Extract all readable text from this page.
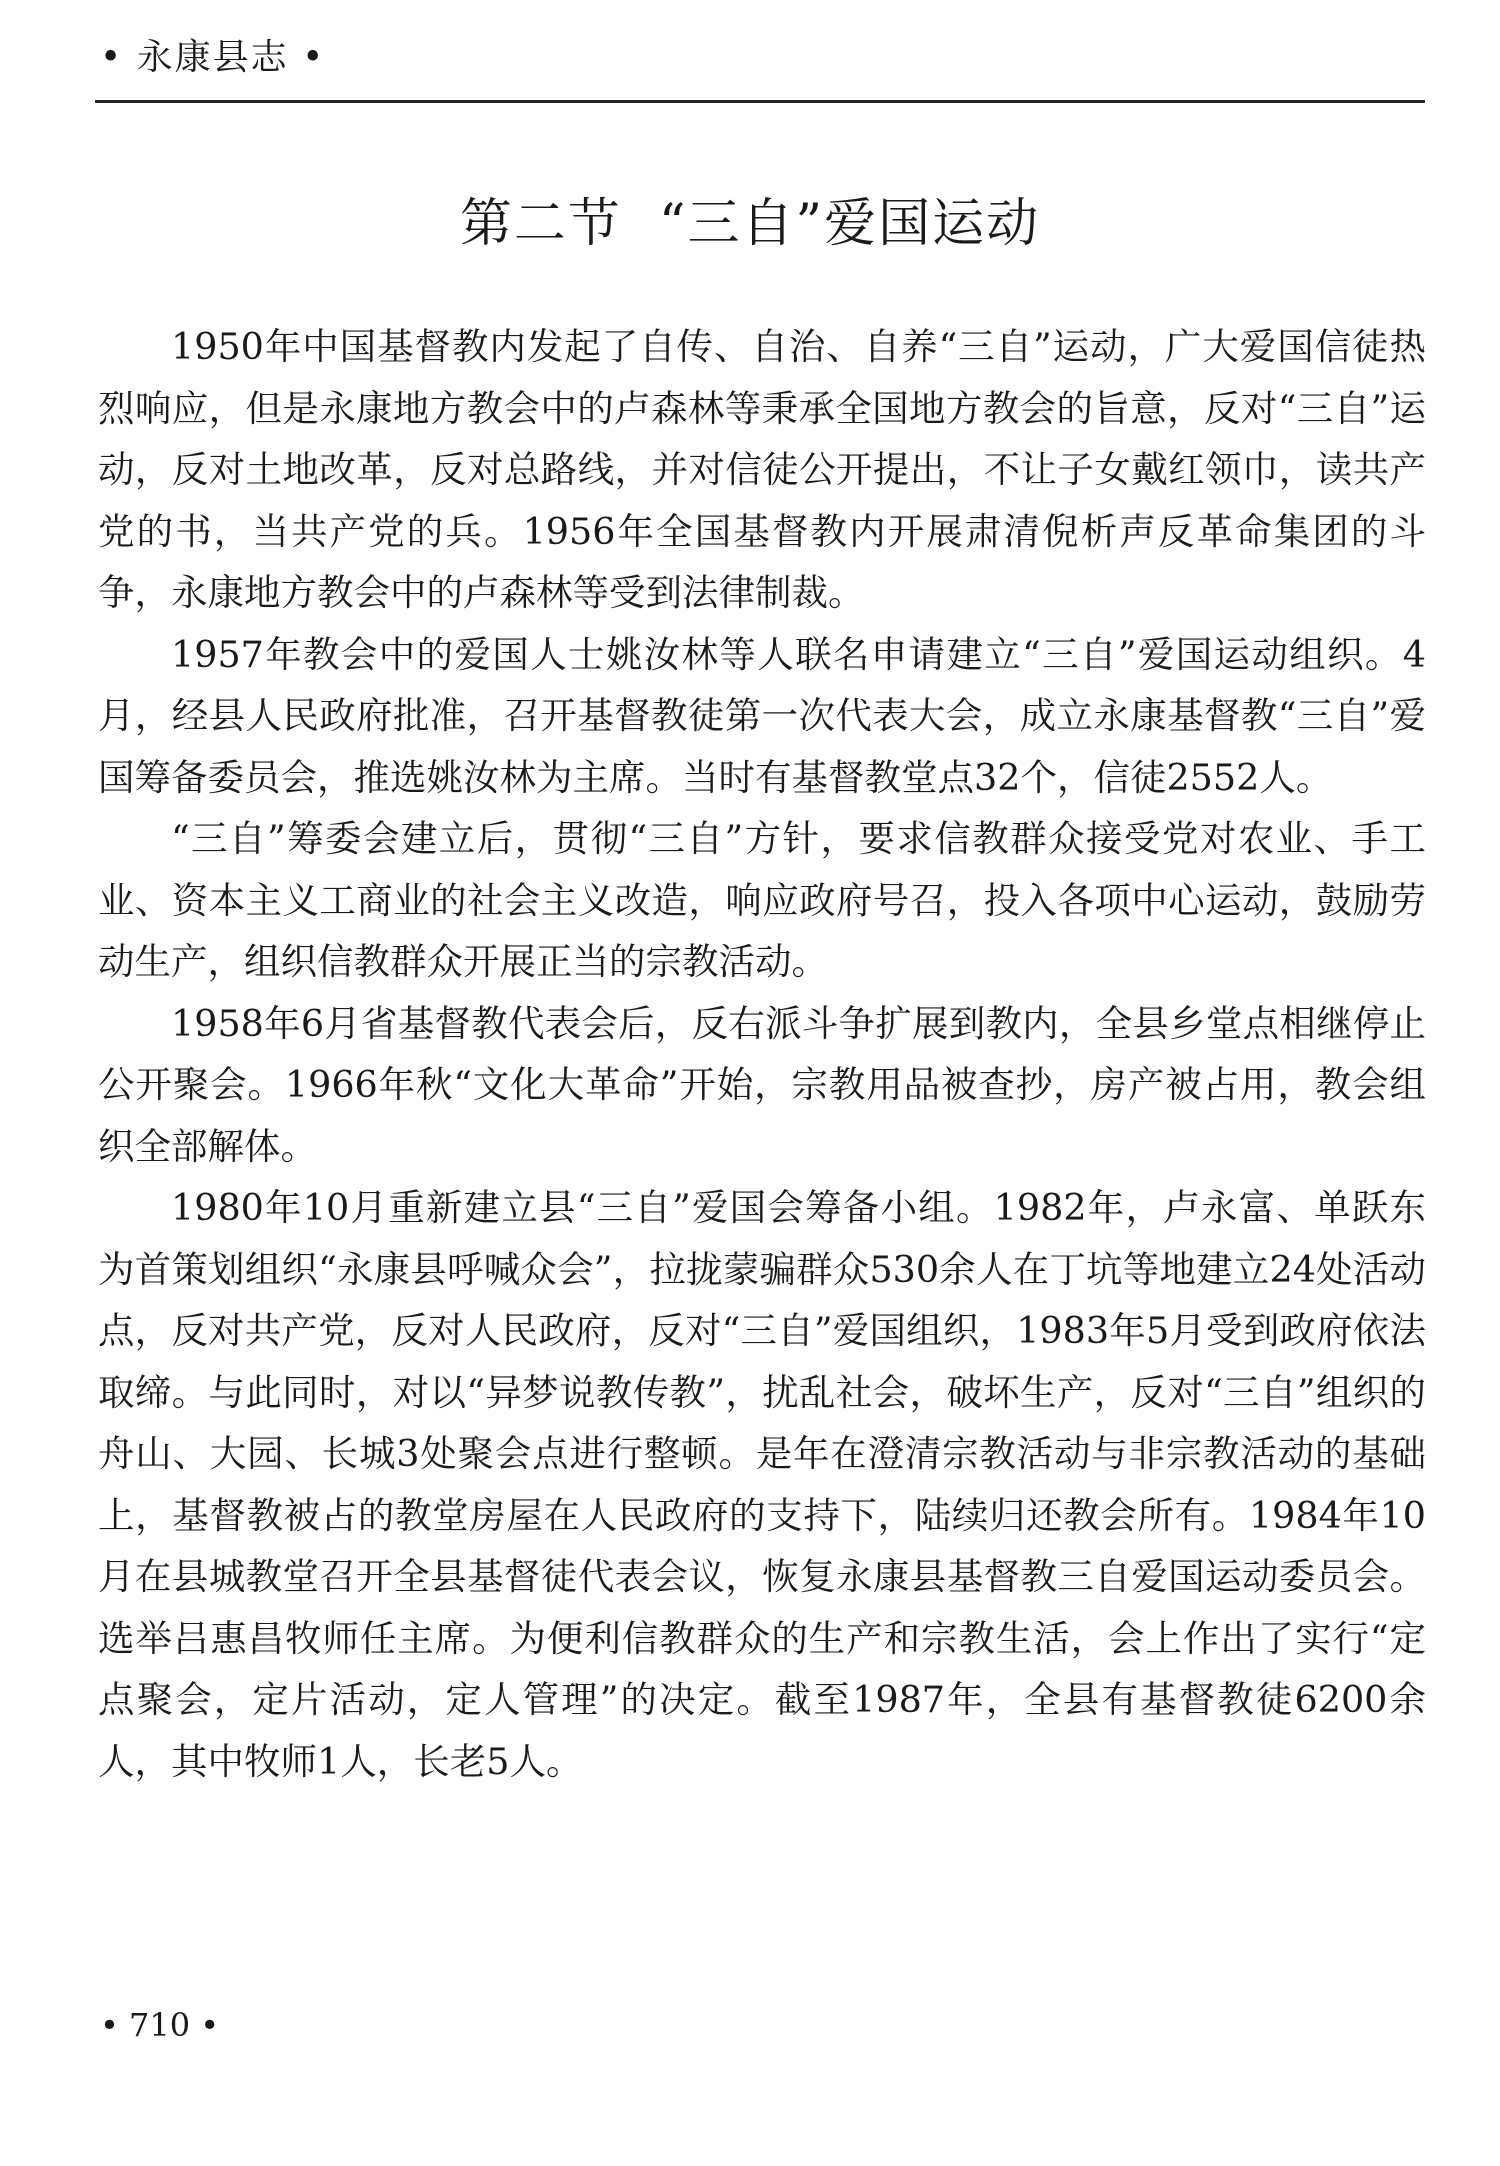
• 永康县志 •
第二节  “三自”爱国运动

1950年中国基督教内发起了自传、自治、自养“三自”运动，广大爱国信徒热烈响应，但是永康地方教会中的卢森林等秉承全国地方教会的旨意，反对“三自”运动，反对土地改革，反对总路线，并对信徒公开提出，不让子女戴红领巾，读共产党的书，当共产党的兵。1956年全国基督教内开展肃清倪析声反革命集团的斗争，永康地方教会中的卢森林等受到法律制裁。

1957年教会中的爱国人士姚汝林等人联名申请建立“三自”爱国运动组织。4月，经县人民政府批准，召开基督教徒第一次代表大会，成立永康基督教“三自”爱国筹备委员会，推选姚汝林为主席。当时有基督教堂点32个，信徒2552人。

“三自”筹委会建立后，贯彻“三自”方针，要求信教群众接受党对农业、手工业、资本主义工商业的社会主义改造，响应政府号召，投入各项中心运动，鼓励劳动生产，组织信教群众开展正当的宗教活动。

1958年6月省基督教代表会后，反右派斗争扩展到教内，全县乡堂点相继停止公开聚会。1966年秋“文化大革命”开始，宗教用品被查抄，房产被占用，教会组织全部解体。

1980年10月重新建立县“三自”爱国会筹备小组。1982年，卢永富、单跃东为首策划组织“永康县呼喊众会”，拉拢蒙骗群众530余人在丁坑等地建立24处活动点，反对共产党，反对人民政府，反对“三自”爱国组织，1983年5月受到政府依法取缔。与此同时，对以“异梦说教传教”，扰乱社会，破坏生产，反对“三自”组织的舟山、大园、长城3处聚会点进行整顿。是年在澄清宗教活动与非宗教活动的基础上，基督教被占的教堂房屋在人民政府的支持下，陆续归还教会所有。1984年10月在县城教堂召开全县基督徒代表会议，恢复永康县基督教三自爱国运动委员会。选举吕惠昌牧师任主席。为便利信教群众的生产和宗教生活，会上作出了实行“定点聚会，定片活动，定人管理”的决定。截至1987年，全县有基督教徒6200余人，其中牧师1人，长老5人。

• 710 •
